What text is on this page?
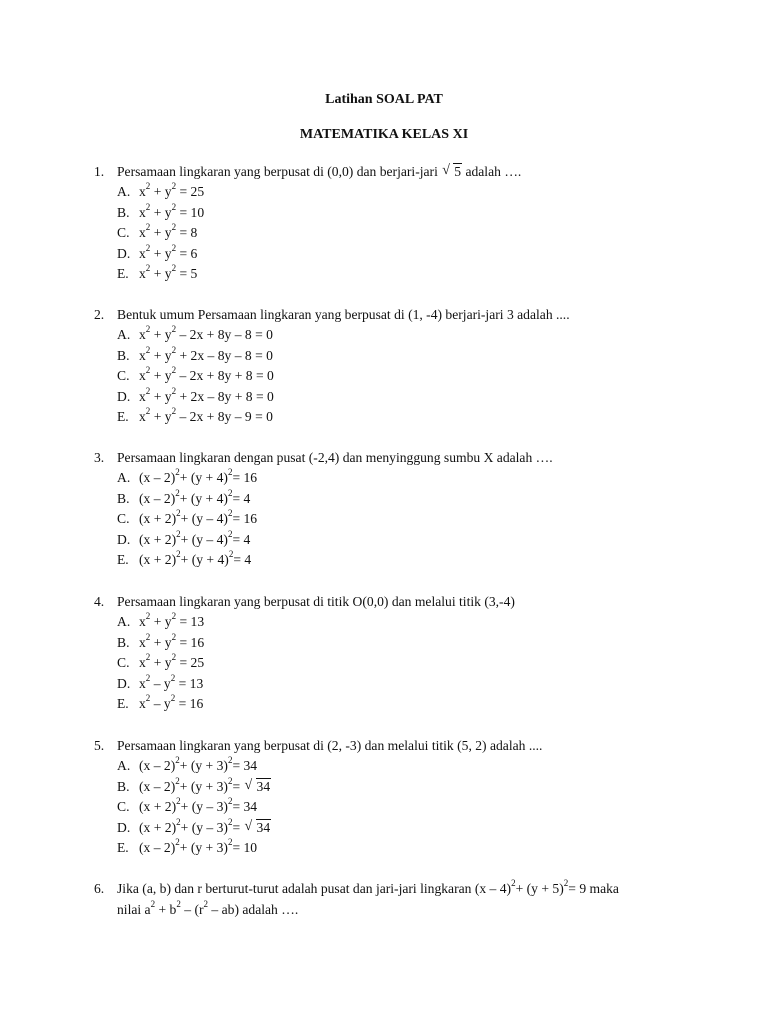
Latihan SOAL PAT
MATEMATIKA KELAS XI
1. Persamaan lingkaran yang berpusat di (0,0) dan berjari-jari √ 5 adalah ….
A. $x^2 + y^2 = 25$
B. $x^2 + y^2 = 10$
C. $x^2 + y^2 = 8$
D. $x^2 + y^2 = 6$
E. $x^2 + y^2 = 5$
2. Bentuk umum Persamaan lingkaran yang berpusat di (1, -4) berjari-jari 3 adalah ....
A. $x^2 + y^2 - 2x + 8y - 8 = 0$
B. $x^2 + y^2 + 2x - 8y - 8 = 0$
C. $x^2 + y^2 - 2x + 8y + 8 = 0$
D. $x^2 + y^2 + 2x - 8y + 8 = 0$
E. $x^2 + y^2 - 2x + 8y - 9 = 0$
3. Persamaan lingkaran dengan pusat (-2,4) dan menyinggung sumbu X adalah ….
A. $(x - 2)^2+ (y + 4)^2= 16$
B. $(x - 2)^2+ (y + 4)^2= 4$
C. $(x + 2)^2+ (y - 4)^2= 16$
D. $(x + 2)^2+ (y - 4)^2= 4$
E. $(x + 2)^2+ (y + 4)^2= 4$
4. Persamaan lingkaran yang berpusat di titik O(0,0) dan melalui titik (3,-4)
A. $x^2 + y^2 = 13$
B. $x^2 + y^2 = 16$
C. $x^2 + y^2 = 25$
D. $x^2 - y^2 = 13$
E. $x^2 - y^2 = 16$
5. Persamaan lingkaran yang berpusat di (2, -3) dan melalui titik (5, 2) adalah ....
A. $(x - 2)^2+ (y + 3)^2= 34$
B. $(x - 2)^2+ (y + 3)^2=$ √ 34
C. $(x + 2)^2+ (y - 3)^2= 34$
D. $(x + 2)^2+ (y - 3)^2=$ √ 34
E. $(x - 2)^2+ (y + 3)^2= 10$
6. Jika (a, b) dan r berturut-turut adalah pusat dan jari-jari lingkaran $(x - 4)^2+ (y + 5)^2= 9$ maka
nilai $a^2 + b^2 - (r^2 - ab)$ adalah ….
